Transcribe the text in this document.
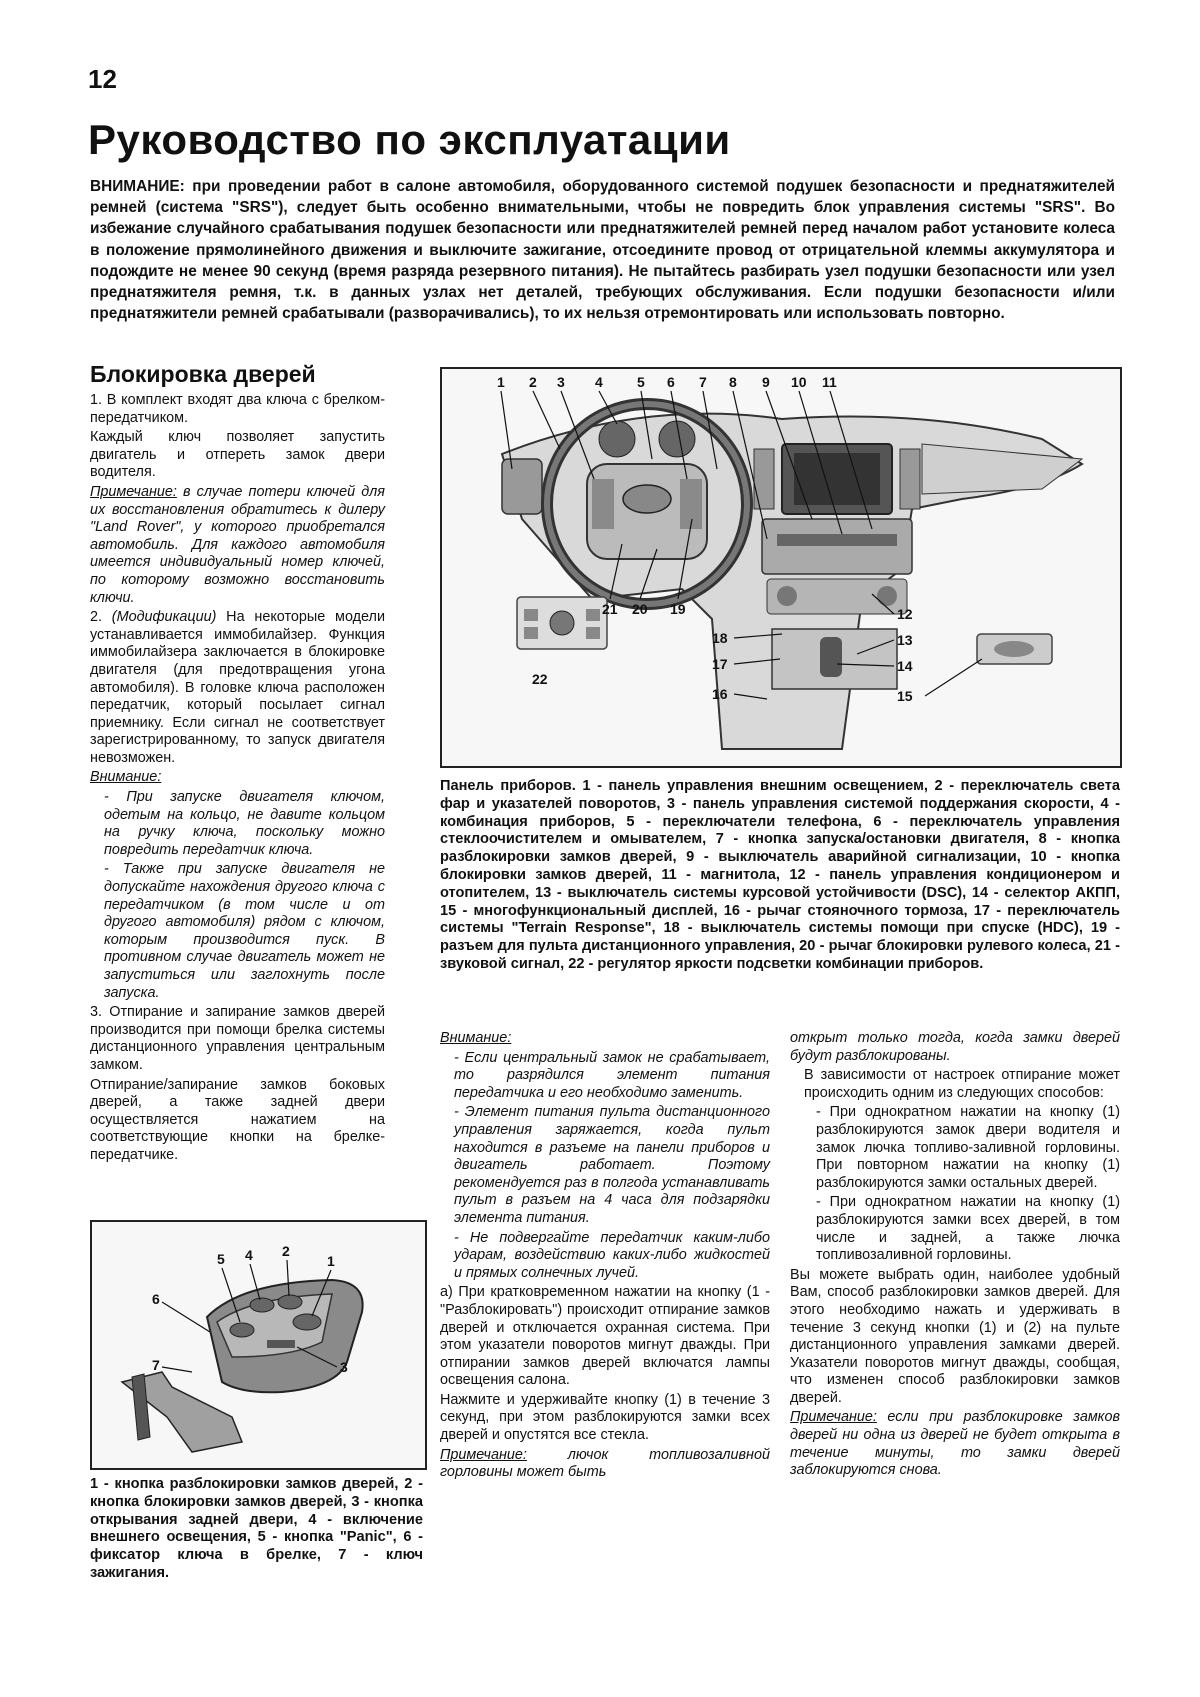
12
Руководство по эксплуатации
ВНИМАНИЕ: при проведении работ в салоне автомобиля, оборудованного системой подушек безопасности и преднатяжителей ремней (система "SRS"), следует быть особенно внимательными, чтобы не повредить блок управления системы "SRS". Во избежание случайного срабатывания подушек безопасности или преднатяжителей ремней перед началом работ установите колеса в положение прямолинейного движения и выключите зажигание, отсоедините провод от отрицательной клеммы аккумулятора и подождите не менее 90 секунд (время разряда резервного питания). Не пытайтесь разбирать узел подушки безопасности или узел преднатяжителя ремня, т.к. в данных узлах нет деталей, требующих обслуживания. Если подушки безопасности и/или преднатяжители ремней срабатывали (разворачивались), то их нельзя отремонтировать или использовать повторно.
Блокировка дверей

1. В комплект входят два ключа с брелком-передатчиком.

Каждый ключ позволяет запустить двигатель и отпереть замок двери водителя.

Примечание: в случае потери ключей для их восстановления обратитесь к дилеру "Land Rover", у которого приобретался автомобиль. Для каждого автомобиля имеется индивидуальный номер ключей, по которому возможно восстановить ключи.

2. (Модификации) На некоторые модели устанавливается иммобилайзер. Функция иммобилайзера заключается в блокировке двигателя (для предотвращения угона автомобиля). В головке ключа расположен передатчик, который посылает сигнал приемнику. Если сигнал не соответствует зарегистрированному, то запуск двигателя невозможен.

Внимание:

- При запуске двигателя ключом, одетым на кольцо, не давите кольцом на ручку ключа, поскольку можно повредить передатчик ключа.

- Также при запуске двигателя не допускайте нахождения другого ключа с передатчиком (в том числе и от другого автомобиля) рядом с ключом, которым производится пуск. В противном случае двигатель может не запуститься или заглохнуть после запуска.

3. Отпирание и запирание замков дверей производится при помощи брелка системы дистанционного управления центральным замком.

Отпирание/запирание замков боковых дверей, а также задней двери осуществляется нажатием на соответствующие кнопки на брелке-передатчике.

1 2 3 4 5 6 7 8 9 10 11
12
13
14
15
18
17
16
21 20 19
22
Панель приборов. 1 - панель управления внешним освещением, 2 - переключатель света фар и указателей поворотов, 3 - панель управления системой поддержания скорости, 4 - комбинация приборов, 5 - переключатели телефона, 6 - переключатель управления стеклоочистителем и омывателем, 7 - кнопка запуска/остановки двигателя, 8 - кнопка разблокировки замков дверей, 9 - выключатель аварийной сигнализации, 10 - кнопка блокировки замков дверей, 11 - магнитола, 12 - панель управления кондиционером и отопителем, 13 - выключатель системы курсовой устойчивости (DSC), 14 - селектор АКПП, 15 - многофункциональный дисплей, 16 - рычаг стояночного тормоза, 17 - переключатель системы "Terrain Response", 18 - выключатель системы помощи при спуске (HDC), 19 - разъем для пульта дистанционного управления, 20 - рычаг блокировки рулевого колеса, 21 - звуковой сигнал, 22 - регулятор яркости подсветки комбинации приборов.

Внимание:

- Если центральный замок не срабатывает, то разрядился элемент питания передатчика и его необходимо заменить.

- Элемент питания пульта дистанционного управления заряжается, когда пульт находится в разъеме на панели приборов и двигатель работает. Поэтому рекомендуется раз в полгода устанавливать пульт в разъем на 4 часа для подзарядки элемента питания.

- Не подвергайте передатчик каким-либо ударам, воздействию каких-либо жидкостей и прямых солнечных лучей.

а) При кратковременном нажатии на кнопку (1 - "Разблокировать") происходит отпирание замков дверей и отключается охранная система. При этом указатели поворотов мигнут дважды. При отпирании замков дверей включатся лампы освещения салона.

Нажмите и удерживайте кнопку (1) в течение 3 секунд, при этом разблокируются замки всех дверей и опустятся все стекла.

Примечание: лючок топливозаливной горловины может быть

открыт только тогда, когда замки дверей будут разблокированы.

В зависимости от настроек отпирание может происходить одним из следующих способов:

- При однократном нажатии на кнопку (1) разблокируются замок двери водителя и замок лючка топливо-заливной горловины. При повторном нажатии на кнопку (1) разблокируются замки остальных дверей.

- При однократном нажатии на кнопку (1) разблокируются замки всех дверей, в том числе и задней, а также лючка топливозаливной горловины.

Вы можете выбрать один, наиболее удобный Вам, способ разблокировки замков дверей. Для этого необходимо нажать и удерживать в течение 3 секунд кнопки (1) и (2) на пульте дистанционного управления замками дверей. Указатели поворотов мигнут дважды, сообщая, что изменен способ разблокировки замков дверей.

Примечание: если при разблокировке замков дверей ни одна из дверей не будет открыта в течение минуты, то замки дверей заблокируются снова.

5 4 2
1
6
7	3
1 - кнопка разблокировки замков дверей, 2 - кнопка блокировки замков дверей, 3 - кнопка открывания задней двери, 4 - включение внешнего освещения, 5 - кнопка "Panic", 6 - фиксатор ключа в брелке, 7 - ключ зажигания.
